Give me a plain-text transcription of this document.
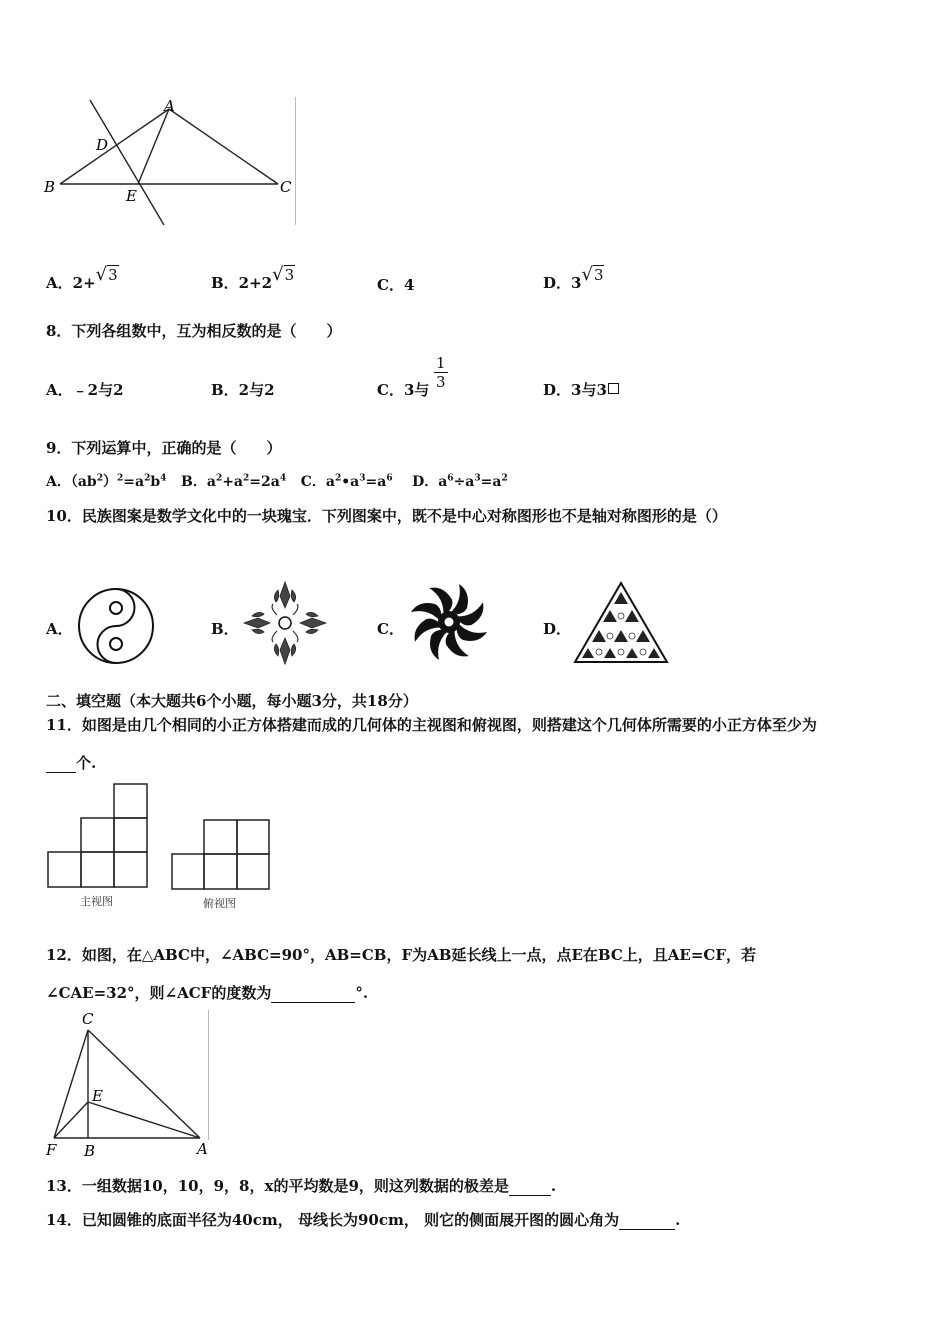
A
D
B	E	C
A．2+√3	B．2+2√3
C．4	D．3√3
8．下列各组数中，互为相反数的是（　　）
A．﹣2与2	B．2与2	C．3与 $\frac{1}{3}$	D．3与3
9．下列运算中，正确的是（　　）
A．$(ab^2)^2=a^2b^4$ B．$a^2+a^2=2a^4$ C．$a^2•a^3=a^6$ D．$a^6\div a^3=a^2$
10．民族图案是数学文化中的一块瑰宝．下列图案中，既不是中心对称图形也不是轴对称图形的是（）
A．	B．	C．	D．
二、填空题（本大题共6个小题，每小题3分，共18分）
11．如图是由几个相同的小正方体搭建而成的几何体的主视图和俯视图，则搭建这个几何体所需要的小正方体至少为
个.
主视图	俯视图
12．如图，在△ABC中，∠ABC=90°，AB=CB，F为AB延长线上一点，点E在BC上，且AE=CF，若
∠CAE=32°，则∠ACF的度数为	°.
C
E
F B	A
13．一组数据10，10，9，8，x的平均数是9，则这列数据的极差是	.
14．已知圆锥的底面半径为40cm， 母线长为90cm， 则它的侧面展开图的圆心角为	.
